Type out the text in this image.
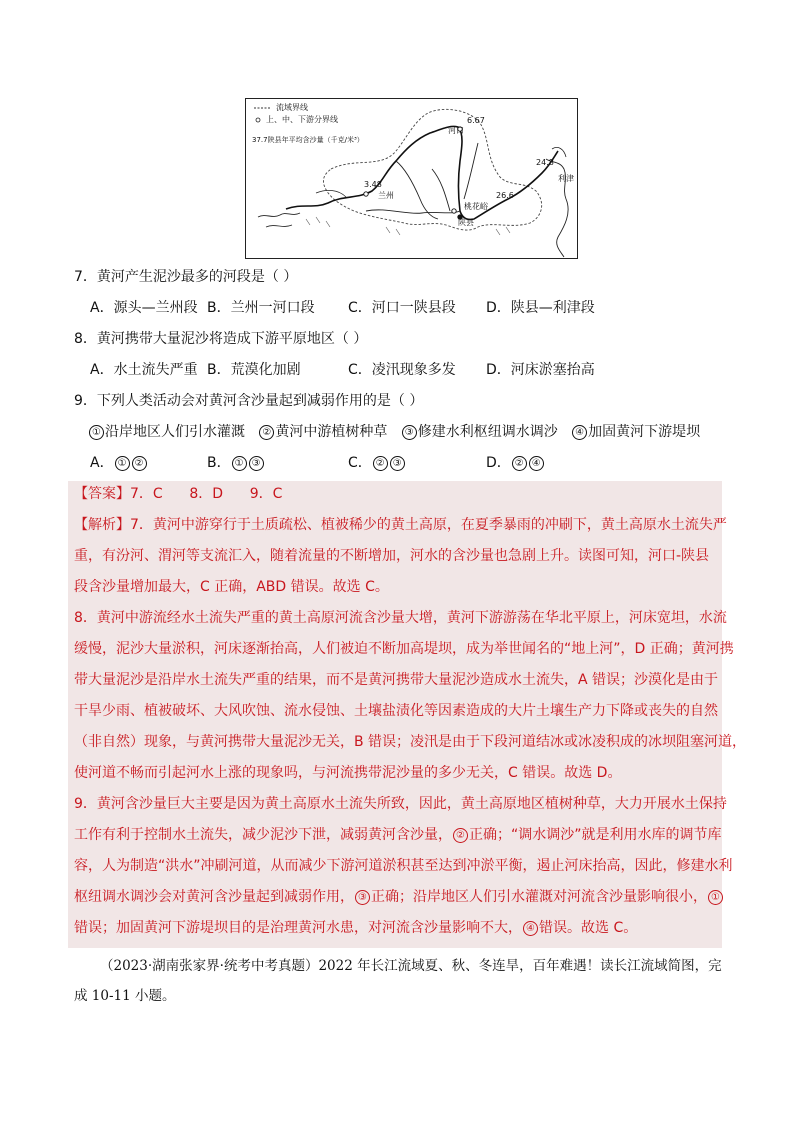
流域界线
上、中、下游分界线
37.7陕县年平均含沙量（千克/米³）
6.67
河口
3.48
兰州
桃花峪
陕县
24.8
利津
26.6
7．黄河产生泥沙最多的河段是（ ）
A．源头—兰州段 B．兰州一河口段 C．河口一陕县段 D．陕县—利津段
8．黄河携带大量泥沙将造成下游平原地区（ ）
A．水土流失严重 B．荒漠化加剧	C．凌汛现象多发 D．河床淤塞抬高
9．下列人类活动会对黄河含沙量起到减弱作用的是（ ）
① 沿岸地区人们引水灌溉 ② 黄河中游植树种草 ③ 修建水利枢纽调水调沙 ④ 加固黄河下游堤坝
A． ① ②	B． ① ③	C． ② ③	D． ② ④
【答案】7．C      8．D      9．C
【解析】7．黄河中游穿行于土质疏松、植被稀少的黄土高原，在夏季暴雨的冲刷下，黄土高原水土流失严
重，有汾河、渭河等支流汇入，随着流量的不断增加，河水的含沙量也急剧上升。读图可知，河口-陕县
段含沙量增加最大，C 正确，ABD 错误。故选 C。
8．黄河中游流经水土流失严重的黄土高原河流含沙量大增，黄河下游游荡在华北平原上，河床宽坦，水流
缓慢，泥沙大量淤积，河床逐渐抬高，人们被迫不断加高堤坝，成为举世闻名的“地上河”，D 正确；黄河携
带大量泥沙是沿岸水土流失严重的结果，而不是黄河携带大量泥沙造成水土流失，A 错误；沙漠化是由于
干旱少雨、植被破坏、大风吹蚀、流水侵蚀、土壤盐渍化等因素造成的大片土壤生产力下降或丧失的自然
（非自然）现象，与黄河携带大量泥沙无关，B 错误；凌汛是由于下段河道结冰或冰凌积成的冰坝阻塞河道，
使河道不畅而引起河水上涨的现象吗，与河流携带泥沙量的多少无关，C 错误。故选 D。
9．黄河含沙量巨大主要是因为黄土高原水土流失所致，因此，黄土高原地区植树种草，大力开展水土保持
工作有利于控制水土流失，减少泥沙下泄，减弱黄河含沙量， ② 正确；“调水调沙”就是利用水库的调节库
容，人为制造“洪水”冲刷河道，从而减少下游河道淤积甚至达到冲淤平衡，遏止河床抬高，因此，修建水利
枢纽调水调沙会对黄河含沙量起到减弱作用， ③ 正确；沿岸地区人们引水灌溉对河流含沙量影响很小， ①
错误；加固黄河下游堤坝目的是治理黄河水患，对河流含沙量影响不大， ④ 错误。故选 C。
（2023·湖南张家界·统考中考真题）2022 年长江流域夏、秋、冬连旱，百年难遇！读长江流域简图，完
成 10-11 小题。
